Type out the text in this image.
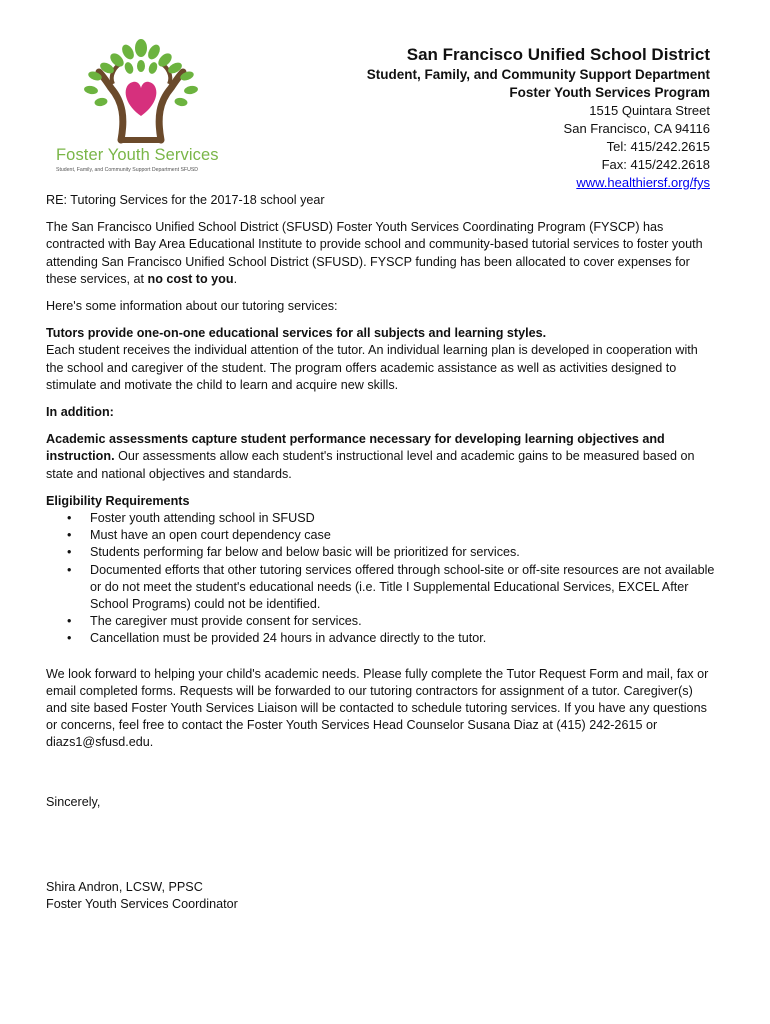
Foster Youth Services
Student, Family, and Community Support Department SFUSD
San Francisco Unified School District
Student, Family, and Community Support Department
Foster Youth Services Program
1515 Quintara Street
San Francisco, CA 94116
Tel: 415/242.2615
Fax: 415/242.2618
www.healthiersf.org/fys

RE: Tutoring Services for the 2017-18 school year

The San Francisco Unified School District (SFUSD) Foster Youth Services Coordinating Program (FYSCP) has contracted with Bay Area Educational Institute to provide school and community-based tutorial services to foster youth attending San Francisco Unified School District (SFUSD). FYSCP funding has been allocated to cover expenses for these services, at no cost to you.

Here's some information about our tutoring services:

Tutors provide one-on-one educational services for all subjects and learning styles.

Each student receives the individual attention of the tutor. An individual learning plan is developed in cooperation with the school and caregiver of the student. The program offers academic assistance as well as activities designed to stimulate and motivate the child to learn and acquire new skills.

In addition:

Academic assessments capture student performance necessary for developing learning objectives and instruction. Our assessments allow each student's instructional level and academic gains to be measured based on state and national objectives and standards.

Eligibility Requirements

• Foster youth attending school in SFUSD
• Must have an open court dependency case
• Students performing far below and below basic will be prioritized for services.
• Documented efforts that other tutoring services offered through school-site or off-site resources are not available or do not meet the student's educational needs (i.e. Title I Supplemental Educational Services, EXCEL After School Programs) could not be identified.
• The caregiver must provide consent for services.
• Cancellation must be provided 24 hours in advance directly to the tutor.

We look forward to helping your child's academic needs. Please fully complete the Tutor Request Form and mail, fax or email completed forms. Requests will be forwarded to our tutoring contractors for assignment of a tutor. Caregiver(s) and site based Foster Youth Services Liaison will be contacted to schedule tutoring services. If you have any questions or concerns, feel free to contact the Foster Youth Services Head Counselor Susana Diaz at (415) 242-2615 or diazs1@sfusd.edu.

Sincerely,

Shira Andron, LCSW, PPSC

Foster Youth Services Coordinator
